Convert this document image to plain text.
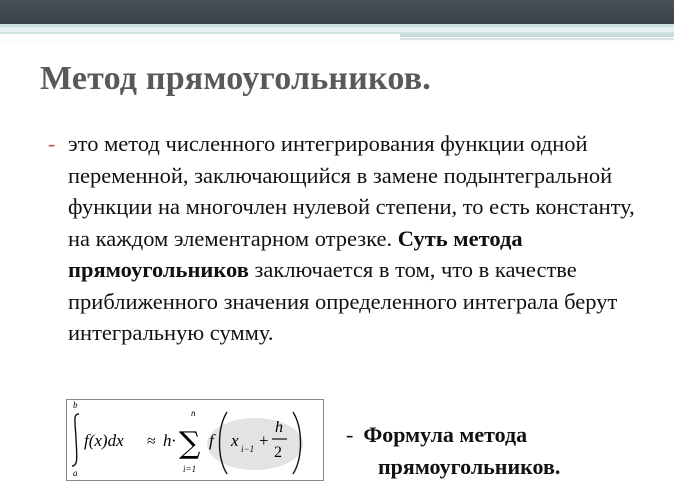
Метод прямоугольников.
- это метод численного интегрирования функции одной переменной, заключающийся в замене подынтегральной функции на многочлен нулевой степени, то есть константу, на каждом элементарном отрезке. Суть метода прямоугольников заключается в том, что в качестве приближенного значения определенного интеграла берут интегральную сумму.
b
a
f(x)dx ≈ h·
n
∑
i=1
f x i−1 +
h
2
- Формула метода
прямоугольников.
